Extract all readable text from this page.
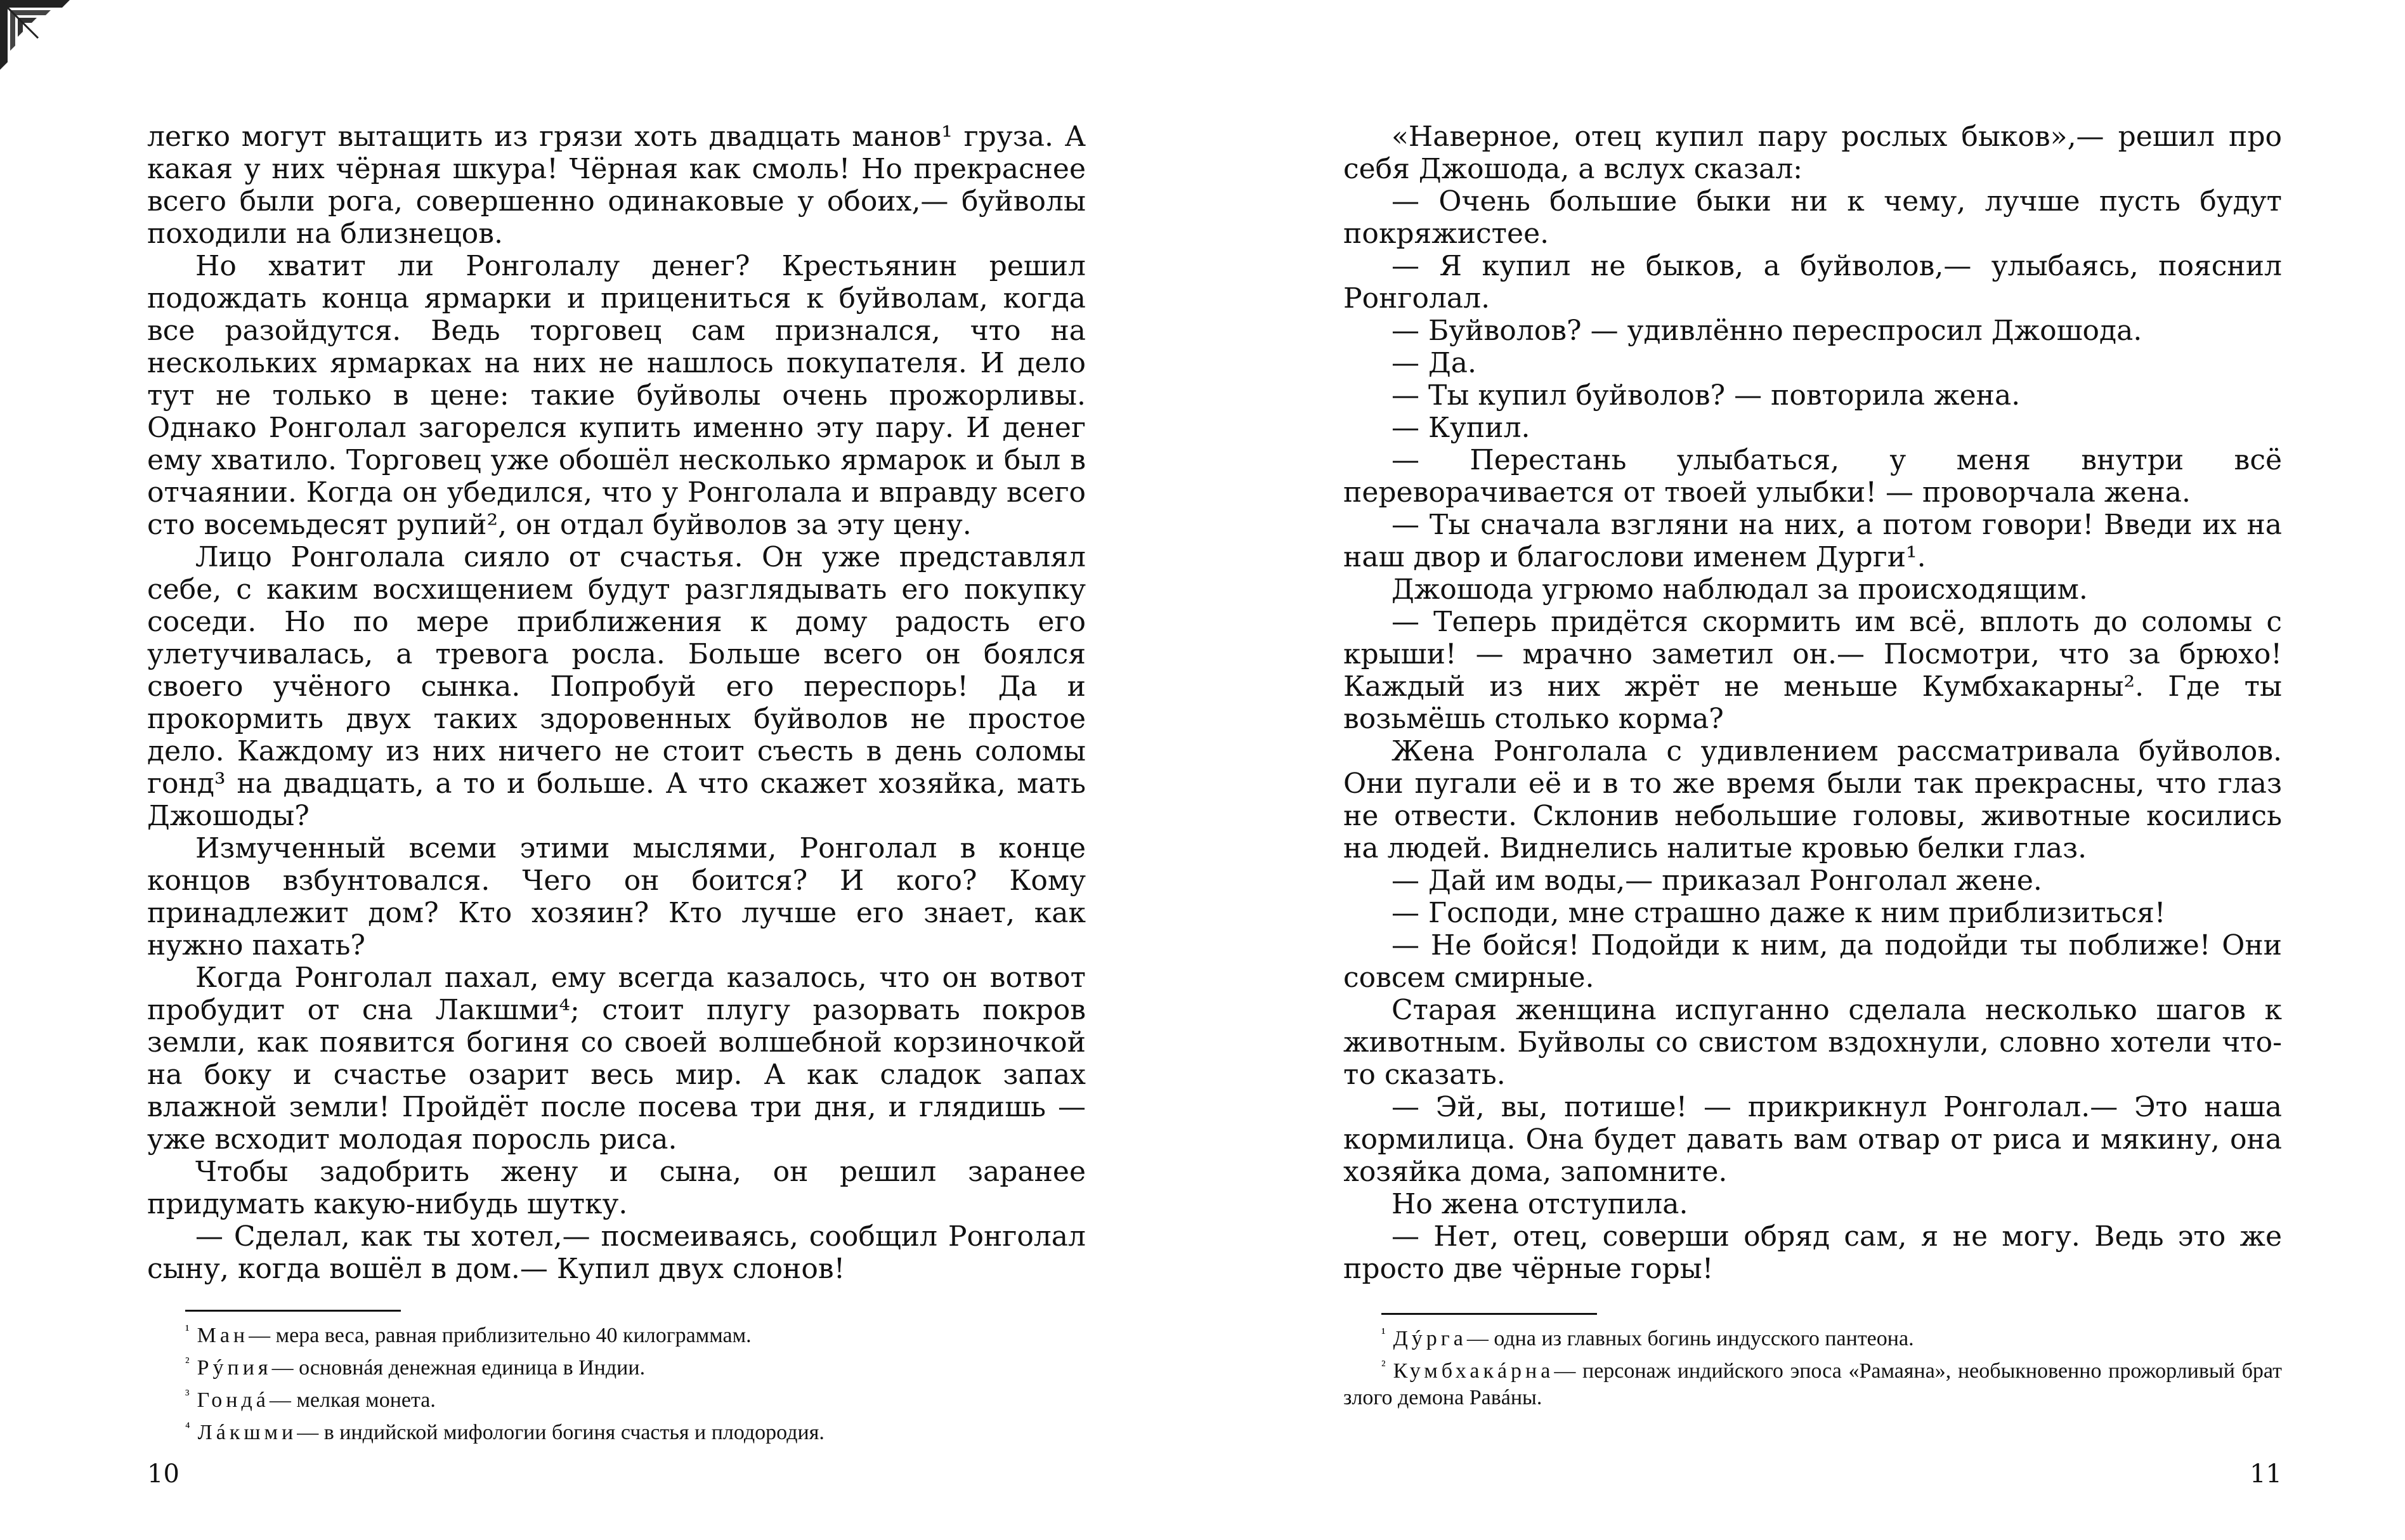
легко могут вытащить из грязи хоть двадцать манов¹ груза. А какая у них чёрная шкура! Чёрная как смоль! Но прекраснее всего были рога, совершенно одинаковые у обоих,— буйволы походили на близнецов.

Но хватит ли Ронголалу денег? Крестьянин решил подождать конца ярмарки и прицениться к буйволам, когда все разойдутся. Ведь торговец сам признался, что на нескольких ярмарках на них не нашлось покупателя. И дело тут не только в цене: такие буйволы очень прожорливы. Однако Ронголал загорелся купить именно эту пару. И денег ему хватило. Торговец уже обошёл несколько ярмарок и был в отчаянии. Когда он убедился, что у Ронголала и вправду всего сто восемьдесят рупий², он отдал буйволов за эту цену.

Лицо Ронголала сияло от счастья. Он уже представлял себе, с каким восхищением будут разглядывать его покупку соседи. Но по мере приближения к дому радость его улетучивалась, а тревога росла. Больше всего он боялся своего учёного сынка. Попробуй его переспорь! Да и прокормить двух таких здоровенных буйволов не простое дело. Каждому из них ничего не стоит съесть в день соломы гонд³ на двадцать, а то и больше. А что скажет хозяйка, мать Джошоды?

Измученный всеми этими мыслями, Ронголал в конце концов взбунтовался. Чего он боится? И кого? Кому принадлежит дом? Кто хозяин? Кто лучше его знает, как нужно пахать?

Когда Ронголал пахал, ему всегда казалось, что он вотвот пробудит от сна Лакшми⁴; стоит плугу разорвать покров земли, как появится богиня со своей волшебной корзиночкой на боку и счастье озарит весь мир. А как сладок запах влажной земли! Пройдёт после посева три дня, и глядишь — уже всходит молодая поросль риса.

Чтобы задобрить жену и сына, он решил заранее придумать какую-нибудь шутку.

— Сделал, как ты хотел,— посмеиваясь, сообщил Ронголал сыну, когда вошёл в дом.— Купил двух слонов!

$^{^1}$ Ман— мера веса, равная приблизительно 40 килограммам.

$^{^2}$ Рýпия— основнáя денежная единица в Индии.

$^{^3}$ Гондá— мелкая монета.

$^{^4}$ Лáкшми— в индийской мифологии богиня счастья и плодородия.

10

«Наверное, отец купил пару рослых быков»,— решил про себя Джошода, а вслух сказал:

— Очень большие быки ни к чему, лучше пусть будут покряжистее.

— Я купил не быков, а буйволов,— улыбаясь, пояснил Ронголал.

— Буйволов? — удивлённо переспросил Джошода.

— Да.

— Ты купил буйволов? — повторила жена.

— Купил.

— Перестань улыбаться, у меня внутри всё переворачивается от твоей улыбки! — проворчала жена.

— Ты сначала взгляни на них, а потом говори! Введи их на наш двор и благослови именем Дурги¹.

Джошода угрюмо наблюдал за происходящим.

— Теперь придётся скормить им всё, вплоть до соломы с крыши! — мрачно заметил он.— Посмотри, что за брюхо! Каждый из них жрёт не меньше Кумбхакарны². Где ты возьмёшь столько корма?

Жена Ронголала с удивлением рассматривала буйволов. Они пугали её и в то же время были так прекрасны, что глаз не отвести. Склонив небольшие головы, животные косились на людей. Виднелись налитые кровью белки глаз.

— Дай им воды,— приказал Ронголал жене.

— Господи, мне страшно даже к ним приблизиться!

— Не бойся! Подойди к ним, да подойди ты поближе! Они совсем смирные.

Старая женщина испуганно сделала несколько шагов к животным. Буйволы со свистом вздохнули, словно хотели что-то сказать.

— Эй, вы, потише! — прикрикнул Ронголал.— Это наша кормилица. Она будет давать вам отвар от риса и мякину, она хозяйка дома, запомните.

Но жена отступила.

— Нет, отец, соверши обряд сам, я не могу. Ведь это же просто две чёрные горы!

$^{^1}$ Дýрга— одна из главных богинь индусского пантеона.

$^{^2}$ Кумбхакáрна— персонаж индийского эпоса «Рамаяна», необыкновенно прожорливый брат злого демона Равáны.

11
